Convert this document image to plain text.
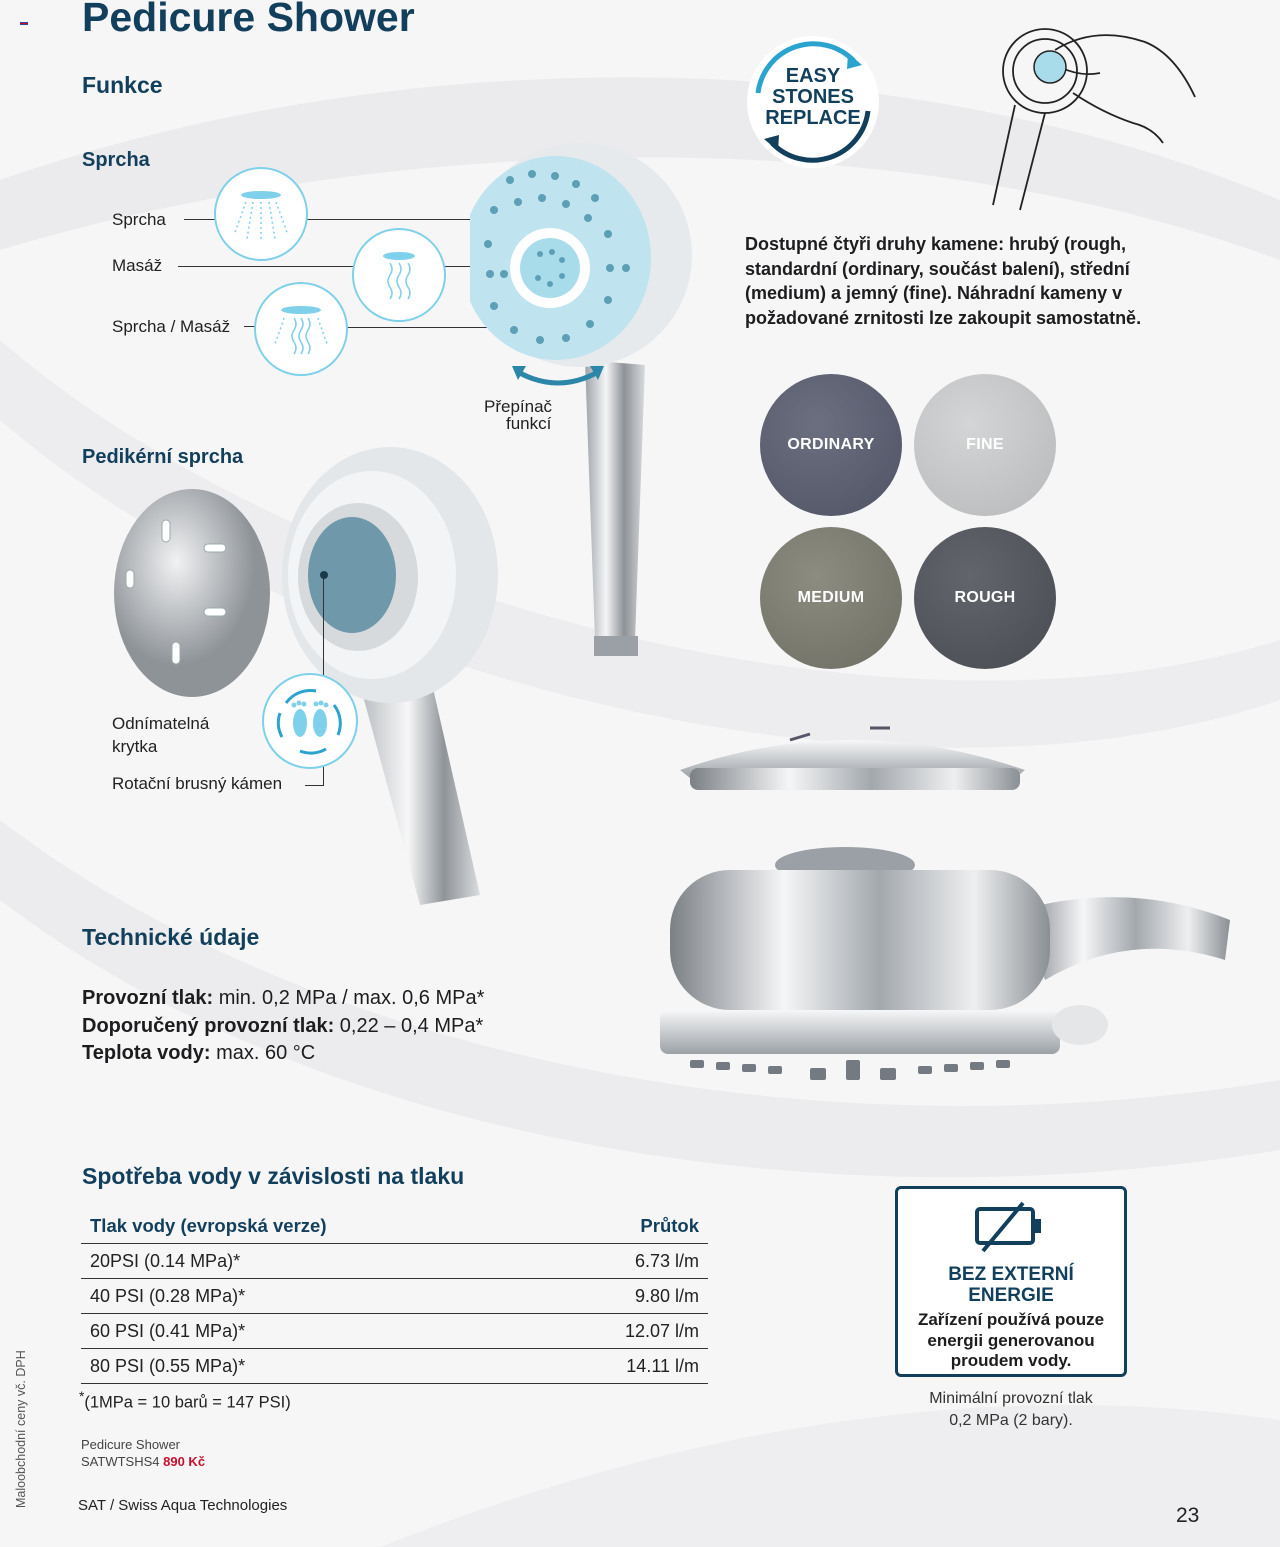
Pedicure Shower
Funkce
Sprcha
Sprcha
Masáž
Sprcha / Masáž
Přepínač
funkcí
EASY
STONES
REPLACE
Dostupné čtyři druhy kamene: hrubý (rough, standardní (ordinary, součást balení), střední (medium) a jemný (fine). Náhradní kameny v požadované zrnitosti lze zakoupit samostatně.
ORDINARY	FINE
MEDIUM	ROUGH
Pedikérní sprcha
Odnímatelná
krytka
Rotační brusný kámen
Technické údaje
Provozní tlak: min. 0,2 MPa / max. 0,6 MPa*
Doporučený provozní tlak: 0,22 – 0,4 MPa*
Teplota vody: max. 60 °C
Spotřeba vody v závislosti na tlaku
Tlak vody (evropská verze)	Průtok
20PSI (0.14 MPa)*	6.73 l/m
40 PSI (0.28 MPa)*	9.80 l/m
60 PSI (0.41 MPa)*	12.07 l/m
80 PSI (0.55 MPa)*	14.11 l/m
*(1MPa = 10 barů = 147 PSI)
Pedicure Shower
SATWTSHS4 890 Kč
BEZ EXTERNÍ
ENERGIE
Zařízení používá pouze energii generovanou proudem vody.
Minimální provozní tlak
0,2 MPa (2 bary).
SAT / Swiss Aqua Technologies	23
Maloobchodní ceny vč. DPH
